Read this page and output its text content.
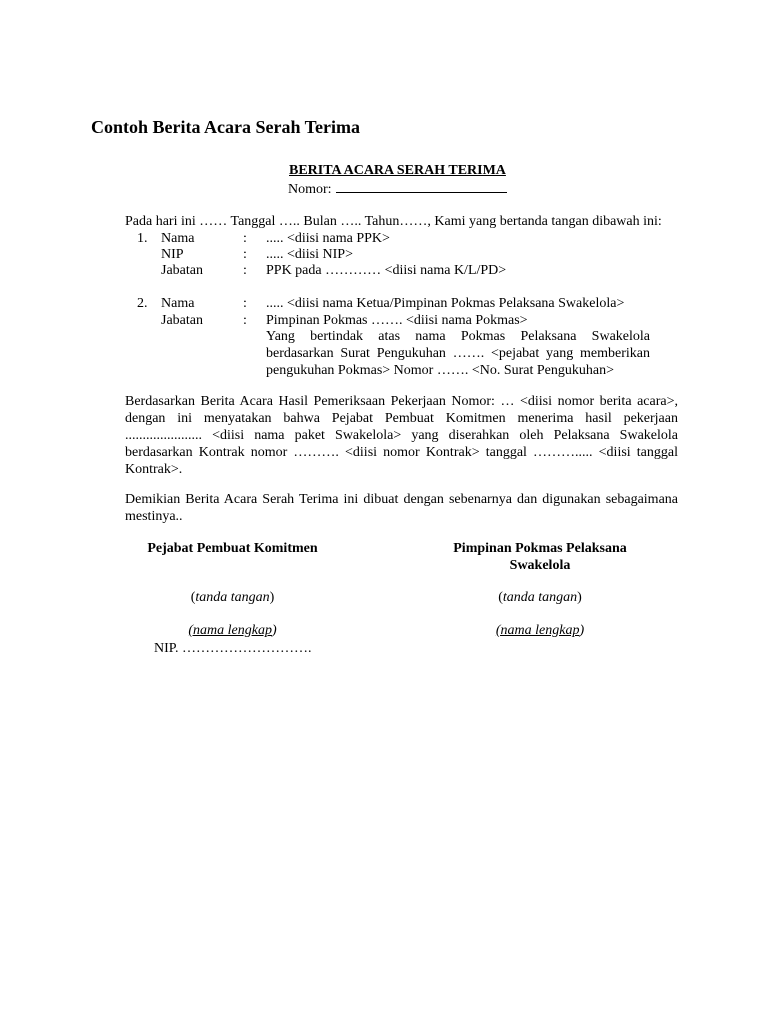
Contoh Berita Acara Serah Terima
BERITA ACARA SERAH TERIMA
Nomor:
Pada hari ini …… Tanggal ….. Bulan ….. Tahun……, Kami yang bertanda tangan dibawah ini:
1. Nama	: ..... <diisi nama PPK>
NIP	: ..... <diisi NIP>
Jabatan	: PPK pada ………… <diisi nama K/L/PD>
2. Nama	: ..... <diisi nama Ketua/Pimpinan Pokmas Pelaksana Swakelola>
Jabatan	: Pimpinan Pokmas ……. <diisi nama Pokmas>
Yang bertindak atas nama Pokmas Pelaksana Swakelola berdasarkan Surat Pengukuhan ……. <pejabat yang memberikan pengukuhan Pokmas> Nomor ……. <No. Surat Pengukuhan>
Berdasarkan Berita Acara Hasil Pemeriksaan Pekerjaan Nomor: … <diisi nomor berita acara>, dengan ini menyatakan bahwa Pejabat Pembuat Komitmen menerima hasil pekerjaan ...................... <diisi nama paket Swakelola> yang diserahkan oleh Pelaksana Swakelola berdasarkan Kontrak nomor ………. <diisi nomor Kontrak> tanggal ………..... <diisi tanggal Kontrak>.
Demikian Berita Acara Serah Terima ini dibuat dengan sebenarnya dan digunakan sebagaimana mestinya..
Pejabat Pembuat Komitmen	Pimpinan Pokmas Pelaksana Swakelola
(tanda tangan)	(tanda tangan)
(nama lengkap)	(nama lengkap)
NIP. ……………………….
